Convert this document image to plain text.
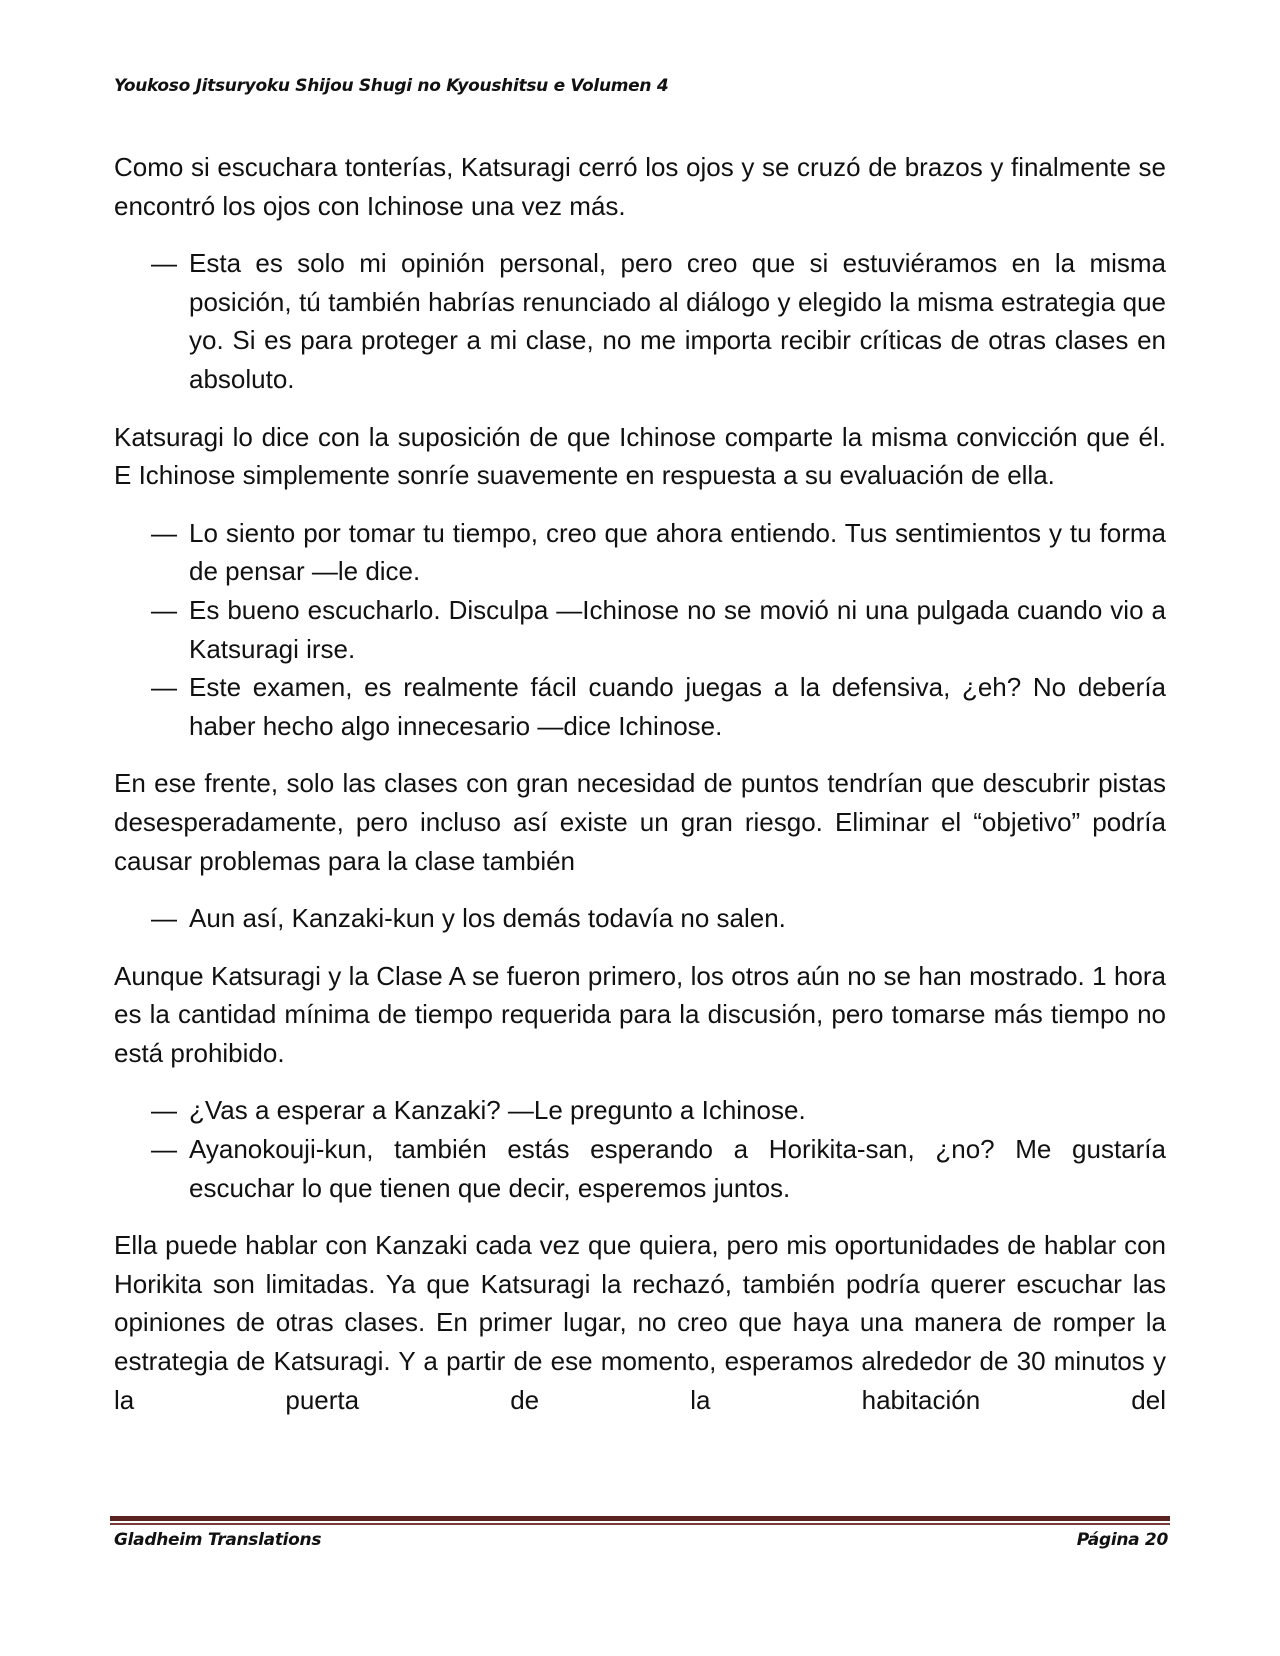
Youkoso Jitsuryoku Shijou Shugi no Kyoushitsu e Volumen 4

Como si escuchara tonterías, Katsuragi cerró los ojos y se cruzó de brazos y finalmente se encontró los ojos con Ichinose una vez más.

— Esta es solo mi opinión personal, pero creo que si estuviéramos en la misma posición, tú también habrías renunciado al diálogo y elegido la misma estrategia que yo. Si es para proteger a mi clase, no me importa recibir críticas de otras clases en absoluto.

Katsuragi lo dice con la suposición de que Ichinose comparte la misma convicción que él. E Ichinose simplemente sonríe suavemente en respuesta a su evaluación de ella.

— Lo siento por tomar tu tiempo, creo que ahora entiendo. Tus sentimientos y tu forma de pensar —le dice.

— Es bueno escucharlo. Disculpa —Ichinose no se movió ni una pulgada cuando vio a Katsuragi irse.

— Este examen, es realmente fácil cuando juegas a la defensiva, ¿eh? No debería haber hecho algo innecesario —dice Ichinose.

En ese frente, solo las clases con gran necesidad de puntos tendrían que descubrir pistas desesperadamente, pero incluso así existe un gran riesgo. Eliminar el “objetivo” podría causar problemas para la clase también

— Aun así, Kanzaki-kun y los demás todavía no salen.

Aunque Katsuragi y la Clase A se fueron primero, los otros aún no se han mostrado. 1 hora es la cantidad mínima de tiempo requerida para la discusión, pero tomarse más tiempo no está prohibido.

— ¿Vas a esperar a Kanzaki? —Le pregunto a Ichinose.

— Ayanokouji-kun, también estás esperando a Horikita-san, ¿no? Me gustaría escuchar lo que tienen que decir, esperemos juntos.

Ella puede hablar con Kanzaki cada vez que quiera, pero mis oportunidades de hablar con Horikita son limitadas. Ya que Katsuragi la rechazó, también podría querer escuchar las opiniones de otras clases. En primer lugar, no creo que haya una manera de romper la estrategia de Katsuragi. Y a partir de ese momento, esperamos alrededor de 30 minutos y la puerta de la habitación del

Gladheim Translations	Página 20
